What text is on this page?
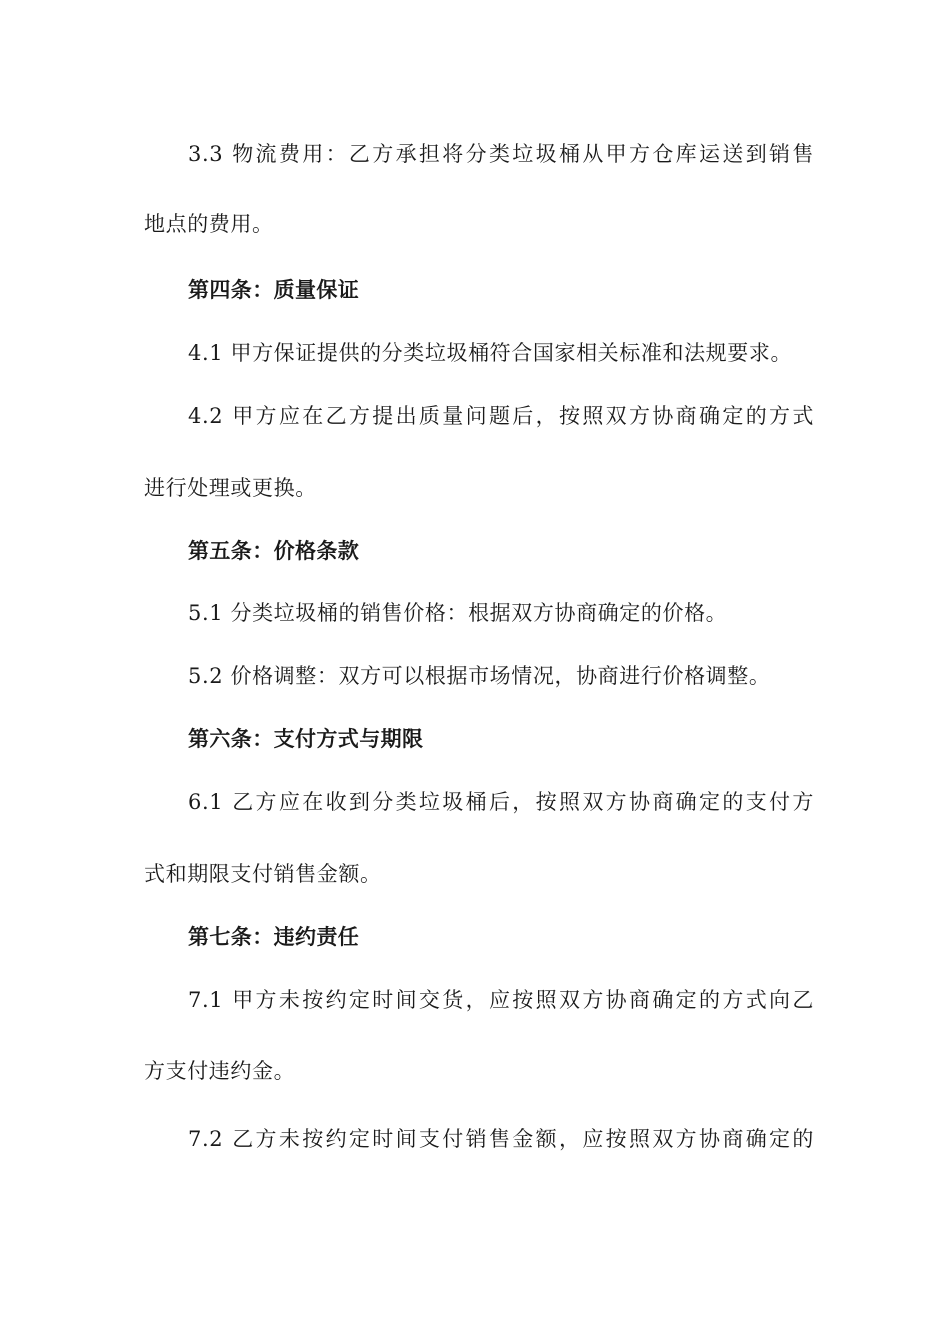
3.3 物流费用：乙方承担将分类垃圾桶从甲方仓库运送到销售
地点的费用。
第四条：质量保证
4.1 甲方保证提供的分类垃圾桶符合国家相关标准和法规要求。
4.2 甲方应在乙方提出质量问题后，按照双方协商确定的方式
进行处理或更换。
第五条：价格条款
5.1 分类垃圾桶的销售价格：根据双方协商确定的价格。
5.2 价格调整：双方可以根据市场情况，协商进行价格调整。
第六条：支付方式与期限
6.1 乙方应在收到分类垃圾桶后，按照双方协商确定的支付方
式和期限支付销售金额。
第七条：违约责任
7.1 甲方未按约定时间交货，应按照双方协商确定的方式向乙
方支付违约金。
7.2 乙方未按约定时间支付销售金额，应按照双方协商确定的
